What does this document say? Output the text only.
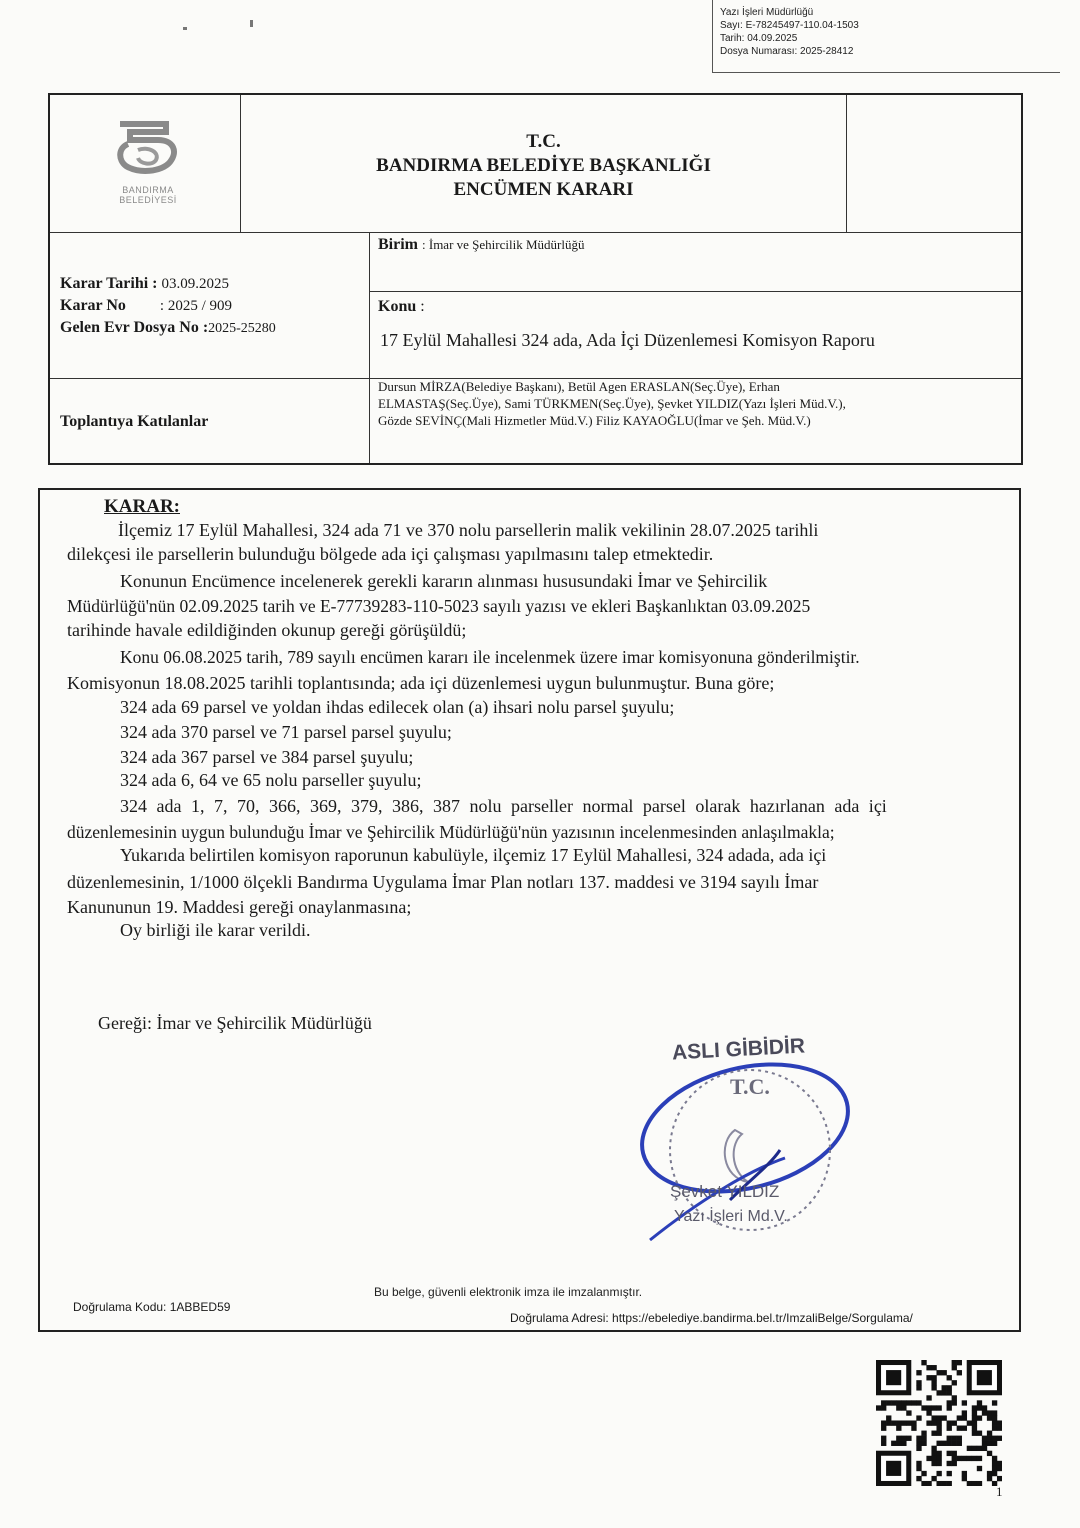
Yazı İşleri Müdürlüğü
Sayı: E-78245497-110.04-1503
Tarih: 04.09.2025
Dosya Numarası: 2025-28412
BANDIRMA
BELEDİYESİ
T.C.
BANDIRMA BELEDİYE BAŞKANLIĞI
ENCÜMEN KARARI
Karar Tarihi : 03.09.2025
Karar No : 2025 / 909
Gelen Evr Dosya No :2025-25280
Birim : İmar ve Şehircilik Müdürlüğü
Konu :
17 Eylül Mahallesi 324 ada, Ada İçi Düzenlemesi Komisyon Raporu
Toplantıya Katılanlar
Dursun MİRZA(Belediye Başkanı), Betül Agen ERASLAN(Seç.Üye), Erhan
ELMASTAŞ(Seç.Üye), Sami TÜRKMEN(Seç.Üye), Şevket YILDIZ(Yazı İşleri Müd.V.),
Gözde SEVİNÇ(Mali Hizmetler Müd.V.) Filiz KAYAOĞLU(İmar ve Şeh. Müd.V.)
KARAR:
İlçemiz 17 Eylül Mahallesi, 324 ada 71 ve 370 nolu parsellerin malik vekilinin 28.07.2025 tarihli
dilekçesi ile parsellerin bulunduğu bölgede ada içi çalışması yapılmasını talep etmektedir.
Konunun Encümence incelenerek gerekli kararın alınması hususundaki İmar ve Şehircilik
Müdürlüğü'nün 02.09.2025 tarih ve E-77739283-110-5023 sayılı yazısı ve ekleri Başkanlıktan 03.09.2025
tarihinde havale edildiğinden okunup gereği görüşüldü;
Konu 06.08.2025 tarih, 789 sayılı encümen kararı ile incelenmek üzere imar komisyonuna gönderilmiştir.
Komisyonun 18.08.2025 tarihli toplantısında; ada içi düzenlemesi uygun bulunmuştur. Buna göre;
324 ada 69 parsel ve yoldan ihdas edilecek olan (a) ihsari nolu parsel şuyulu;
324 ada 370 parsel ve 71 parsel parsel şuyulu;
324 ada 367 parsel ve 384 parsel şuyulu;
324 ada 6, 64 ve 65 nolu parseller şuyulu;
324 ada 1, 7, 70, 366, 369, 379, 386, 387 nolu parseller normal parsel olarak hazırlanan ada içi
düzenlemesinin uygun bulunduğu İmar ve Şehircilik Müdürlüğü'nün yazısının incelenmesinden anlaşılmakla;
Yukarıda belirtilen komisyon raporunun kabulüyle, ilçemiz 17 Eylül Mahallesi, 324 adada, ada içi
düzenlemesinin, 1/1000 ölçekli Bandırma Uygulama İmar Plan notları 137. maddesi ve 3194 sayılı İmar
Kanununun 19. Maddesi gereği onaylanmasına;
Oy birliği ile karar verildi.
Gereği: İmar ve Şehircilik Müdürlüğü
ASLI GİBİDİR
T.C.
Şevket YILDIZ
Yazı İşleri Md.V.
Bu belge, güvenli elektronik imza ile imzalanmıştır.
Doğrulama Kodu: 1ABBED59
Doğrulama Adresi: https://ebelediye.bandirma.bel.tr/ImzaliBelge/Sorgulama/
1
